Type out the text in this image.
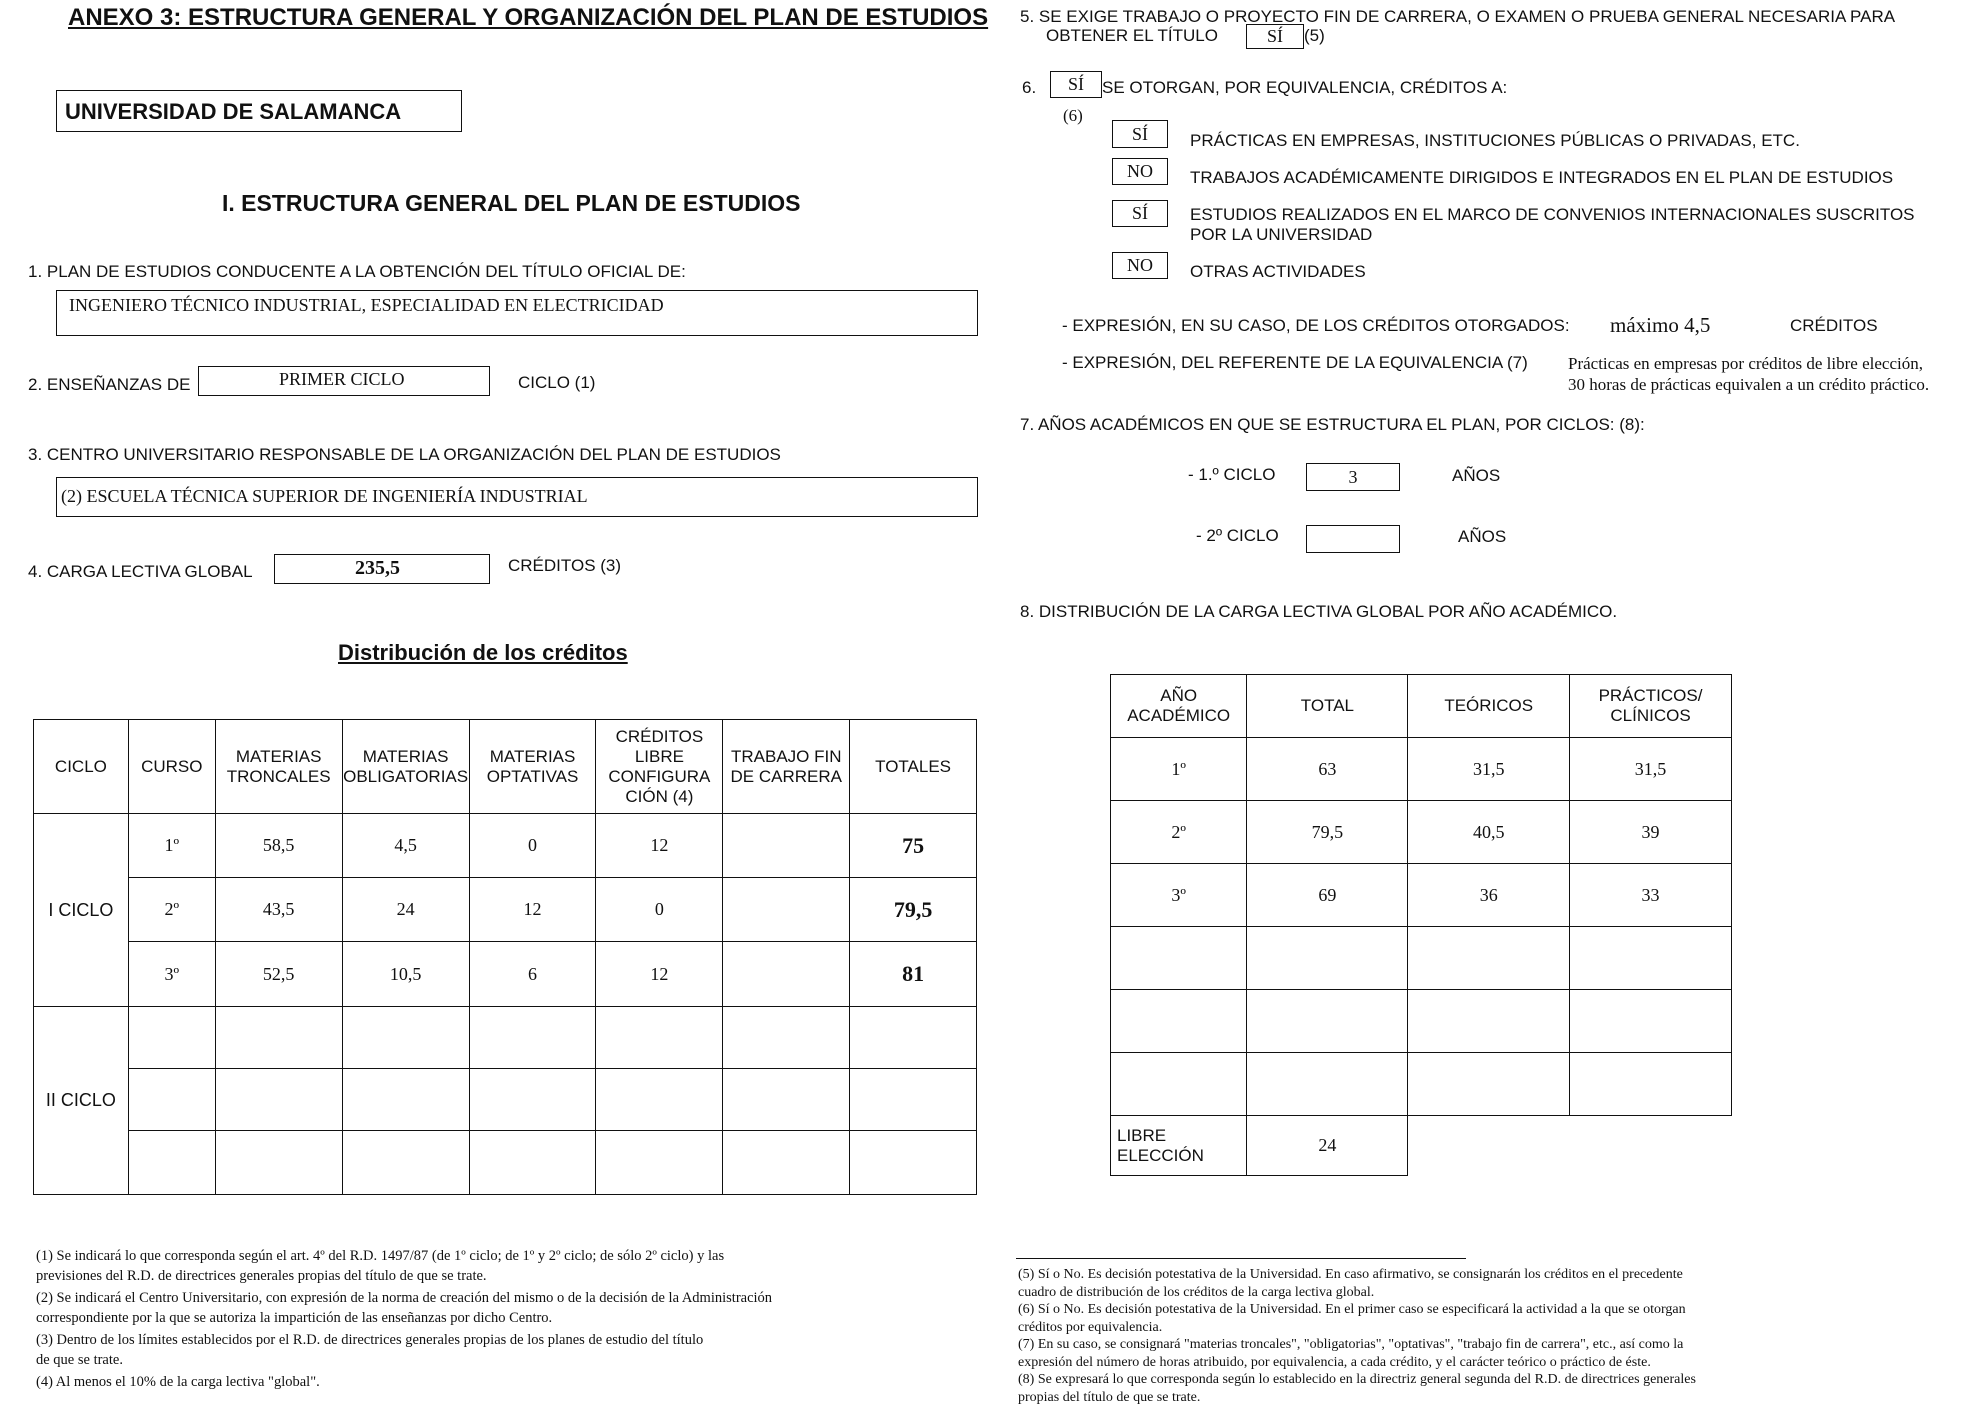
ANEXO 3: ESTRUCTURA GENERAL Y ORGANIZACIÓN DEL PLAN DE ESTUDIOS
UNIVERSIDAD DE SALAMANCA
I. ESTRUCTURA GENERAL DEL PLAN DE ESTUDIOS
1. PLAN DE ESTUDIOS CONDUCENTE A LA OBTENCIÓN DEL TÍTULO OFICIAL DE:
INGENIERO TÉCNICO INDUSTRIAL, ESPECIALIDAD EN ELECTRICIDAD
2. ENSEÑANZAS DE	PRIMER CICLO	CICLO (1)
3. CENTRO UNIVERSITARIO RESPONSABLE DE LA ORGANIZACIÓN DEL PLAN DE ESTUDIOS
(2) ESCUELA TÉCNICA SUPERIOR DE INGENIERÍA INDUSTRIAL
4. CARGA LECTIVA GLOBAL	235,5	CRÉDITOS (3)
Distribución de los créditos
CICLO	CURSO	MATERIAS TRONCALES	MATERIAS OBLIGATORIAS	MATERIAS OPTATIVAS	CRÉDITOS LIBRE CONFIGURA CIÓN (4)	TRABAJO FIN DE CARRERA	TOTALES
I CICLO	1º	58,5	4,5	0	12		75
	2º	43,5	24	12	0		79,5
	3º	52,5	10,5	6	12		81
II CICLO							

(1) Se indicará lo que corresponda según el art. 4º del R.D. 1497/87 (de 1º ciclo; de 1º y 2º ciclo; de sólo 2º ciclo) y las
previsiones del R.D. de directrices generales propias del título de que se trate.
(2) Se indicará el Centro Universitario, con expresión de la norma de creación del mismo o de la decisión de la Administración
correspondiente por la que se autoriza la impartición de las enseñanzas por dicho Centro.
(3) Dentro de los límites establecidos por el R.D. de directrices generales propias de los planes de estudio del título
de que se trate.
(4) Al menos el 10% de la carga lectiva "global".
5. SE EXIGE TRABAJO O PROYECTO FIN DE CARRERA, O EXAMEN O PRUEBA GENERAL NECESARIA PARA
OBTENER EL TÍTULO	SÍ	(5)
6.	SÍ	SE OTORGAN, POR EQUIVALENCIA, CRÉDITOS A:
(6)
SÍ	PRÁCTICAS EN EMPRESAS, INSTITUCIONES PÚBLICAS O PRIVADAS, ETC.
NO	TRABAJOS ACADÉMICAMENTE DIRIGIDOS E INTEGRADOS EN EL PLAN DE ESTUDIOS
SÍ	ESTUDIOS REALIZADOS EN EL MARCO DE CONVENIOS INTERNACIONALES SUSCRITOS
POR LA UNIVERSIDAD
NO	OTRAS ACTIVIDADES
- EXPRESIÓN, EN SU CASO, DE LOS CRÉDITOS OTORGADOS: máximo 4,5	CRÉDITOS
- EXPRESIÓN, DEL REFERENTE DE LA EQUIVALENCIA (7) Prácticas en empresas por créditos de libre elección,
30 horas de prácticas equivalen a un crédito práctico.
7. AÑOS ACADÉMICOS EN QUE SE ESTRUCTURA EL PLAN, POR CICLOS: (8):
- 1.º CICLO	3	AÑOS
- 2º CICLO	AÑOS
8. DISTRIBUCIÓN DE LA CARGA LECTIVA GLOBAL POR AÑO ACADÉMICO.
AÑO ACADÉMICO	TOTAL	TEÓRICOS	PRÁCTICOS/ CLÍNICOS
1º	63	31,5	31,5
2º	79,5	40,5	39
3º	69	36	33

LIBRE ELECCIÓN	24		
(5) Sí o No. Es decisión potestativa de la Universidad. En caso afirmativo, se consignarán los créditos en el precedente
cuadro de distribución de los créditos de la carga lectiva global.
(6) Sí o No. Es decisión potestativa de la Universidad. En el primer caso se especificará la actividad a la que se otorgan
créditos por equivalencia.
(7) En su caso, se consignará "materias troncales", "obligatorias", "optativas", "trabajo fin de carrera", etc., así como la
expresión del número de horas atribuido, por equivalencia, a cada crédito, y el carácter teórico o práctico de éste.
(8) Se expresará lo que corresponda según lo establecido en la directriz general segunda del R.D. de directrices generales
propias del título de que se trate.
